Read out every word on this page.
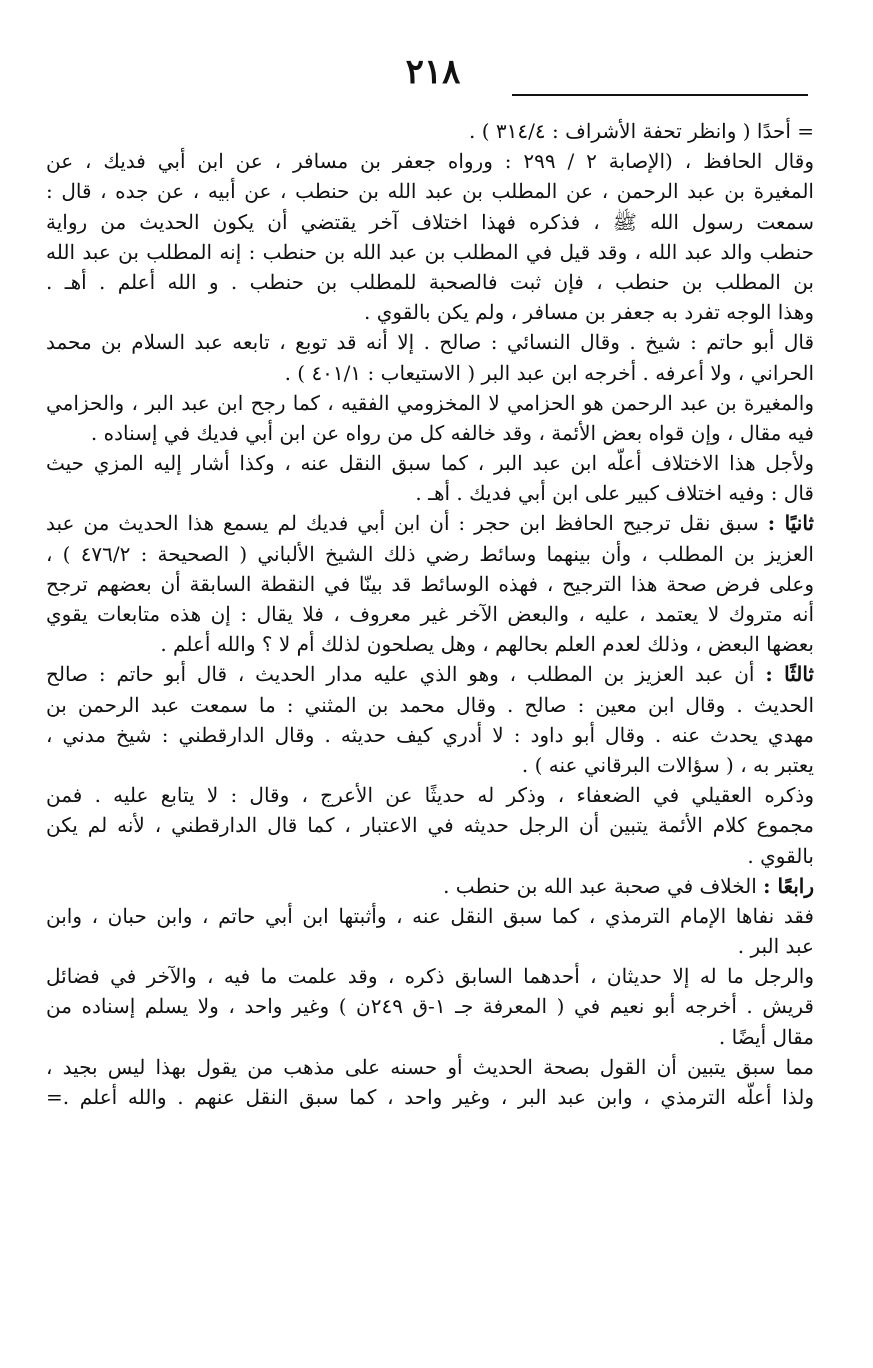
٢١٨
= أحدًا ( وانظر تحفة الأشراف : ٣١٤/٤ ) .
وقال الحافظ ، (الإصابة ٢ / ٢٩٩ : ورواه جعفر بن مسافر ، عن ابن أبي فديك ، عن
المغيرة بن عبد الرحمن ، عن المطلب بن عبد الله بن حنطب ، عن أبيه ، عن جده ، قال :
سمعت رسول الله ﷺ ، فذكره فهذا اختلاف آخر يقتضي أن يكون الحديث من رواية
حنطب والد عبد الله ، وقد قيل في المطلب بن عبد الله بن حنطب : إنه المطلب بن عبد الله
بن المطلب بن حنطب ، فإن ثبت فالصحبة للمطلب بن حنطب . و الله أعلم . أهـ .
وهذا الوجه تفرد به جعفر بن مسافر ، ولم يكن بالقوي .
قال أبو حاتم : شيخ . وقال النسائي : صالح . إلا أنه قد توبع ، تابعه عبد السلام بن محمد
الحراني ، ولا أعرفه . أخرجه ابن عبد البر ( الاستيعاب : ٤٠١/١ ) .
والمغيرة بن عبد الرحمن هو الحزامي لا المخزومي الفقيه ، كما رجح ابن عبد البر ، والحزامي
فيه مقال ، وإن قواه بعض الأئمة ، وقد خالفه كل من رواه عن ابن أبي فديك في إسناده .
ولأجل هذا الاختلاف أعلّه ابن عبد البر ، كما سبق النقل عنه ، وكذا أشار إليه المزي حيث
قال : وفيه اختلاف كبير على ابن أبي فديك . أهـ .
ثانيًا : سبق نقل ترجيح الحافظ ابن حجر : أن ابن أبي فديك لم يسمع هذا الحديث من عبد
العزيز بن المطلب ، وأن بينهما وسائط رضي ذلك الشيخ الألباني ( الصحيحة : ٤٧٦/٢ ) ،
وعلى فرض صحة هذا الترجيح ، فهذه الوسائط قد بينّا في النقطة السابقة أن بعضهم ترجح
أنه متروك لا يعتمد ، عليه ، والبعض الآخر غير معروف ، فلا يقال : إن هذه متابعات يقوي
بعضها البعض ، وذلك لعدم العلم بحالهم ، وهل يصلحون لذلك أم لا ؟ والله أعلم .
ثالثًا : أن عبد العزيز بن المطلب ، وهو الذي عليه مدار الحديث ، قال أبو حاتم : صالح
الحديث . وقال ابن معين : صالح . وقال محمد بن المثني : ما سمعت عبد الرحمن بن
مهدي يحدث عنه . وقال أبو داود : لا أدري كيف حديثه . وقال الدارقطني : شيخ مدني ،
يعتبر به ، ( سؤالات البرقاني عنه ) .
وذكره العقيلي في الضعفاء ، وذكر له حديثًا عن الأعرج ، وقال : لا يتابع عليه . فمن
مجموع كلام الأئمة يتبين أن الرجل حديثه في الاعتبار ، كما قال الدارقطني ، لأنه لم يكن
بالقوي .
رابعًا : الخلاف في صحبة عبد الله بن حنطب .
فقد نفاها الإمام الترمذي ، كما سبق النقل عنه ، وأثبتها ابن أبي حاتم ، وابن حبان ، وابن
عبد البر .
والرجل ما له إلا حديثان ، أحدهما السابق ذكره ، وقد علمت ما فيه ، والآخر في فضائل
قريش . أخرجه أبو نعيم في ( المعرفة جـ ١-ق ٢٤٩ن ) وغير واحد ، ولا يسلم إسناده من
مقال أيضًا .
مما سبق يتبين أن القول بصحة الحديث أو حسنه على مذهب من يقول بهذا ليس بجيد ،
ولذا أعلّه الترمذي ، وابن عبد البر ، وغير واحد ، كما سبق النقل عنهم . والله أعلم .=
